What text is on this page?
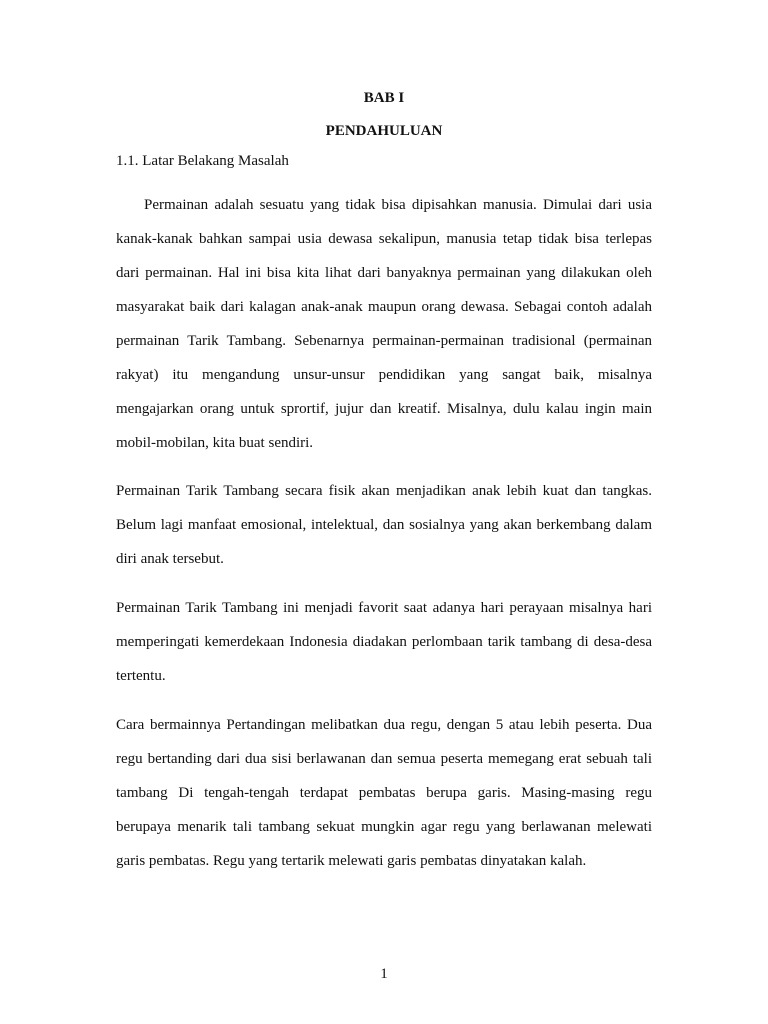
BAB I
PENDAHULUAN
1.1. Latar Belakang Masalah

Permainan adalah sesuatu yang tidak bisa dipisahkan manusia. Dimulai dari usia kanak-kanak bahkan sampai usia dewasa sekalipun, manusia tetap tidak bisa terlepas dari permainan. Hal ini bisa kita lihat dari banyaknya permainan yang dilakukan oleh masyarakat baik dari kalagan anak-anak maupun orang dewasa. Sebagai contoh adalah permainan Tarik Tambang. Sebenarnya permainan-permainan tradisional (permainan rakyat) itu mengandung unsur-unsur pendidikan yang sangat baik, misalnya mengajarkan orang untuk sprortif, jujur dan kreatif. Misalnya, dulu kalau ingin main mobil-mobilan, kita buat sendiri.

Permainan Tarik Tambang secara fisik akan menjadikan anak lebih kuat dan tangkas. Belum lagi manfaat emosional, intelektual, dan sosialnya yang akan berkembang dalam diri anak tersebut.

Permainan Tarik Tambang ini menjadi favorit saat adanya hari perayaan misalnya hari memperingati kemerdekaan Indonesia diadakan perlombaan tarik tambang di desa-desa tertentu.

Cara bermainnya Pertandingan melibatkan dua regu, dengan 5 atau lebih peserta. Dua regu bertanding dari dua sisi berlawanan dan semua peserta memegang erat sebuah tali tambang Di tengah-tengah terdapat pembatas berupa garis. Masing-masing regu berupaya menarik tali tambang sekuat mungkin agar regu yang berlawanan melewati garis pembatas. Regu yang tertarik melewati garis pembatas dinyatakan kalah.

1
